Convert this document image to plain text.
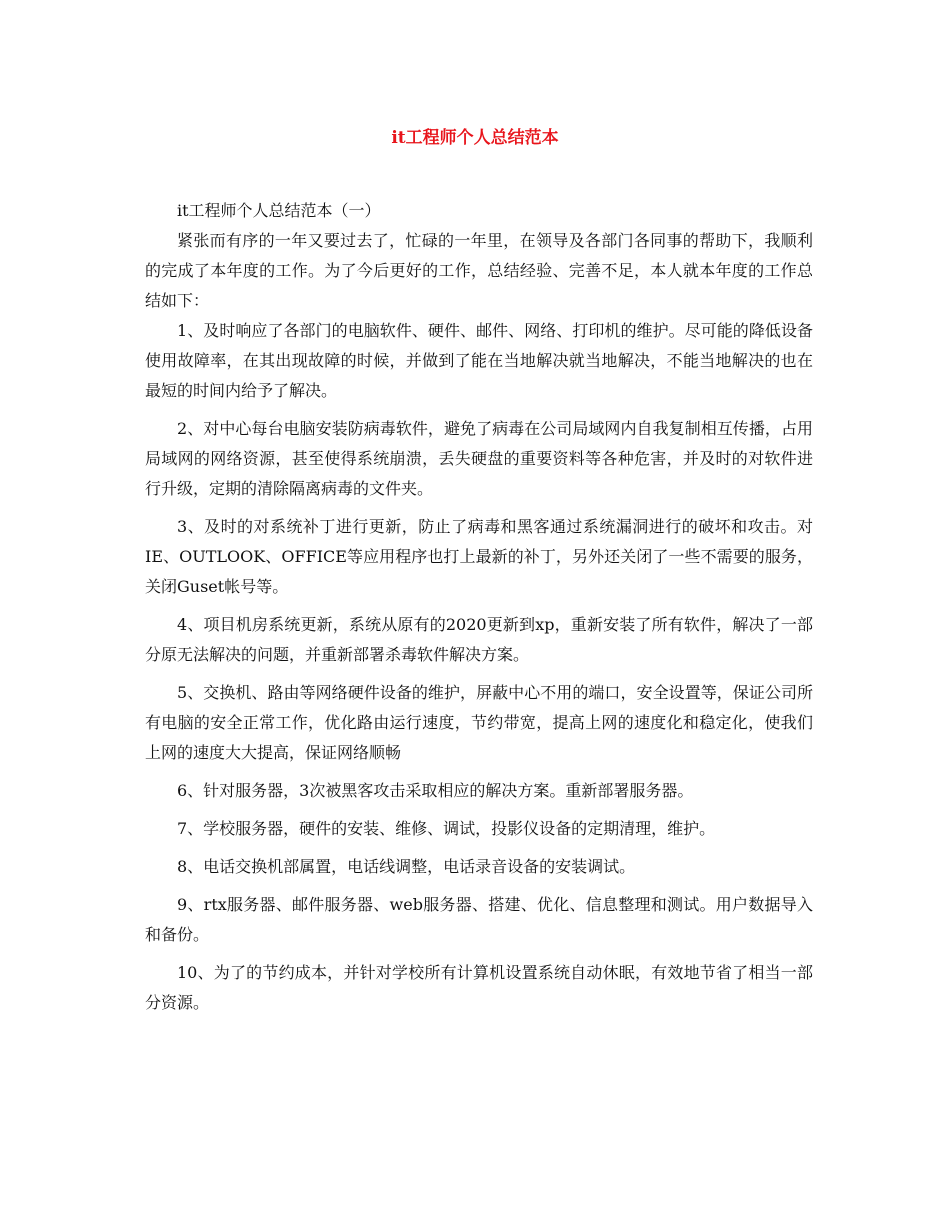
it工程师个人总结范本

it工程师个人总结范本（一）

紧张而有序的一年又要过去了，忙碌的一年里，在领导及各部门各同事的帮助下，我顺利的完成了本年度的工作。为了今后更好的工作，总结经验、完善不足，本人就本年度的工作总结如下：

1、及时响应了各部门的电脑软件、硬件、邮件、网络、打印机的维护。尽可能的降低设备使用故障率，在其出现故障的时候，并做到了能在当地解决就当地解决，不能当地解决的也在最短的时间内给予了解决。

2、对中心每台电脑安装防病毒软件，避免了病毒在公司局域网内自我复制相互传播，占用局域网的网络资源，甚至使得系统崩溃，丢失硬盘的重要资料等各种危害，并及时的对软件进行升级，定期的清除隔离病毒的文件夹。

3、及时的对系统补丁进行更新，防止了病毒和黑客通过系统漏洞进行的破坏和攻击。对IE、OUTLOOK、OFFICE等应用程序也打上最新的补丁，另外还关闭了一些不需要的服务，关闭Guset帐号等。

4、项目机房系统更新，系统从原有的2020更新到xp，重新安装了所有软件，解决了一部分原无法解决的问题，并重新部署杀毒软件解决方案。

5、交换机、路由等网络硬件设备的维护，屏蔽中心不用的端口，安全设置等，保证公司所有电脑的安全正常工作，优化路由运行速度，节约带宽，提高上网的速度化和稳定化，使我们上网的速度大大提高，保证网络顺畅

6、针对服务器，3次被黑客攻击采取相应的解决方案。重新部署服务器。

7、学校服务器，硬件的安装、维修、调试，投影仪设备的定期清理，维护。

8、电话交换机部属置，电话线调整，电话录音设备的安装调试。

9、rtx服务器、邮件服务器、web服务器、搭建、优化、信息整理和测试。用户数据导入和备份。

10、为了的节约成本，并针对学校所有计算机设置系统自动休眠，有效地节省了相当一部分资源。
